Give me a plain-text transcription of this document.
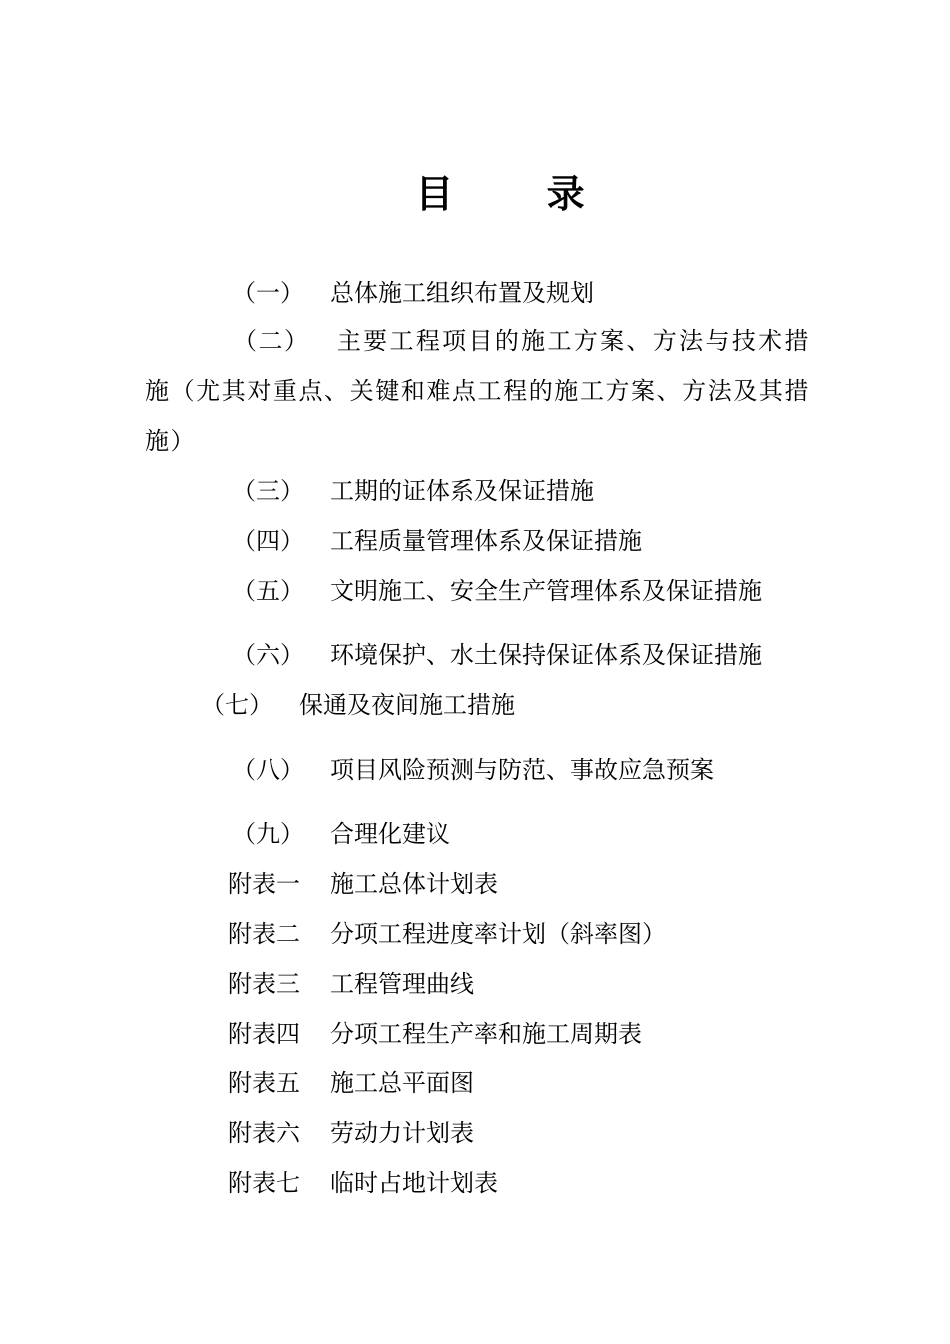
目 录
（一） 总体施工组织布置及规划
（二） 主要工程项目的施工方案、方法与技术措施（尤其对重点、关键和难点工程的施工方案、方法及其措施）
（三） 工期的证体系及保证措施
（四） 工程质量管理体系及保证措施
（五） 文明施工、安全生产管理体系及保证措施
（六） 环境保护、水土保持保证体系及保证措施
（七） 保通及夜间施工措施
（八） 项目风险预测与防范、事故应急预案
（九） 合理化建议
附表一 施工总体计划表
附表二 分项工程进度率计划（斜率图）
附表三 工程管理曲线
附表四 分项工程生产率和施工周期表
附表五 施工总平面图
附表六 劳动力计划表
附表七 临时占地计划表
